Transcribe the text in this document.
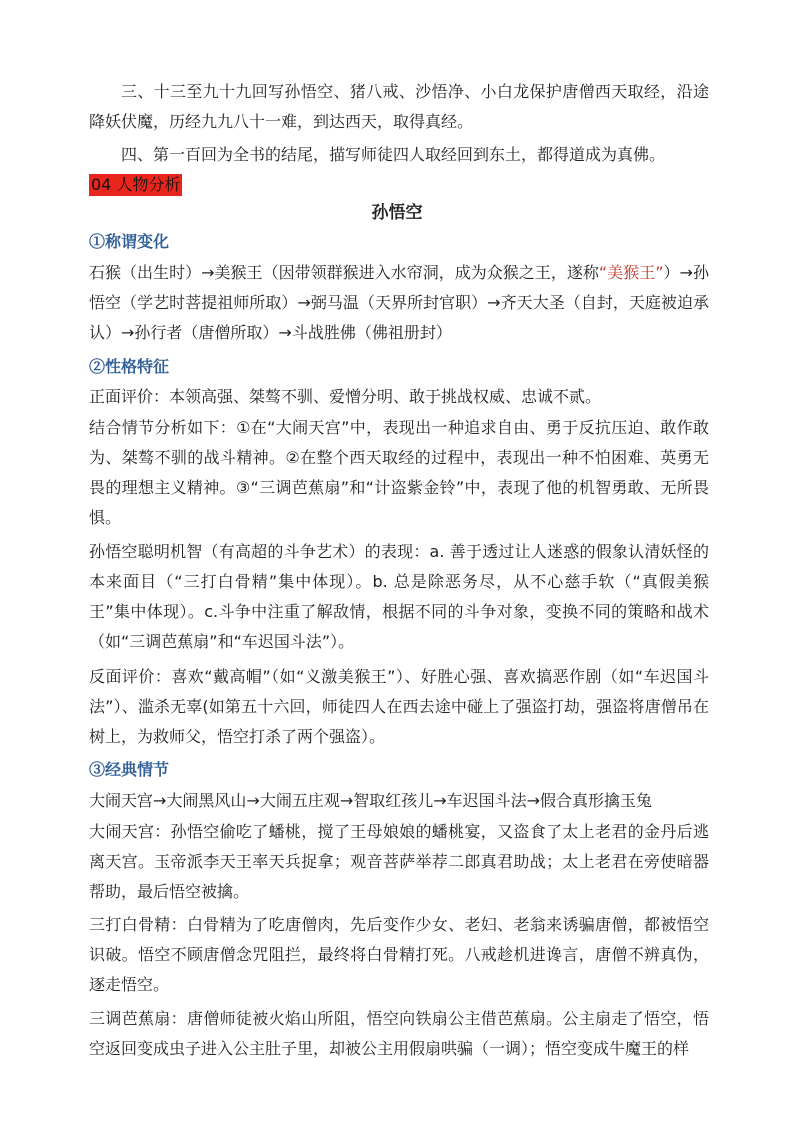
三、十三至九十九回写孙悟空、猪八戒、沙悟净、小白龙保护唐僧西天取经，沿途降妖伏魔，历经九九八十一难，到达西天，取得真经。

四、第一百回为全书的结尾，描写师徒四人取经回到东土，都得道成为真佛。

04 人物分析
孙悟空
①称谓变化

石猴（出生时）→美猴王（因带领群猴进入水帘洞，成为众猴之王，遂称“美猴王”）→孙悟空（学艺时菩提祖师所取）→弼马温（天界所封官职）→齐天大圣（自封，天庭被迫承认）→孙行者（唐僧所取）→斗战胜佛（佛祖册封）

②性格特征

正面评价：本领高强、桀骜不驯、爱憎分明、敢于挑战权威、忠诚不贰。

结合情节分析如下：①在“大闹天宫”中，表现出一种追求自由、勇于反抗压迫、敢作敢为、桀骜不驯的战斗精神。②在整个西天取经的过程中，表现出一种不怕困难、英勇无畏的理想主义精神。③“三调芭蕉扇”和“计盗紫金铃”中，表现了他的机智勇敢、无所畏惧。

孙悟空聪明机智（有高超的斗争艺术）的表现：a. 善于透过让人迷惑的假象认清妖怪的本来面目（“三打白骨精”集中体现）。b. 总是除恶务尽，从不心慈手软（“真假美猴王”集中体现）。c.斗争中注重了解敌情，根据不同的斗争对象，变换不同的策略和战术（如“三调芭蕉扇”和“车迟国斗法”）。

反面评价：喜欢“戴高帽”（如“义激美猴王”）、好胜心强、喜欢搞恶作剧（如“车迟国斗法”）、滥杀无辜(如第五十六回，师徒四人在西去途中碰上了强盗打劫，强盗将唐僧吊在树上，为救师父，悟空打杀了两个强盗）。

③经典情节

大闹天宫→大闹黑风山→大闹五庄观→智取红孩儿→车迟国斗法→假合真形擒玉兔

大闹天宫：孙悟空偷吃了蟠桃，搅了王母娘娘的蟠桃宴，又盗食了太上老君的金丹后逃离天宫。玉帝派李天王率天兵捉拿；观音菩萨举荐二郎真君助战；太上老君在旁使暗器帮助，最后悟空被擒。

三打白骨精：白骨精为了吃唐僧肉，先后变作少女、老妇、老翁来诱骗唐僧，都被悟空识破。悟空不顾唐僧念咒阻拦，最终将白骨精打死。八戒趁机进谗言，唐僧不辨真伪，逐走悟空。

三调芭蕉扇：唐僧师徒被火焰山所阻，悟空向铁扇公主借芭蕉扇。公主扇走了悟空，悟空返回变成虫子进入公主肚子里，却被公主用假扇哄骗（一调）；悟空变成牛魔王的样
